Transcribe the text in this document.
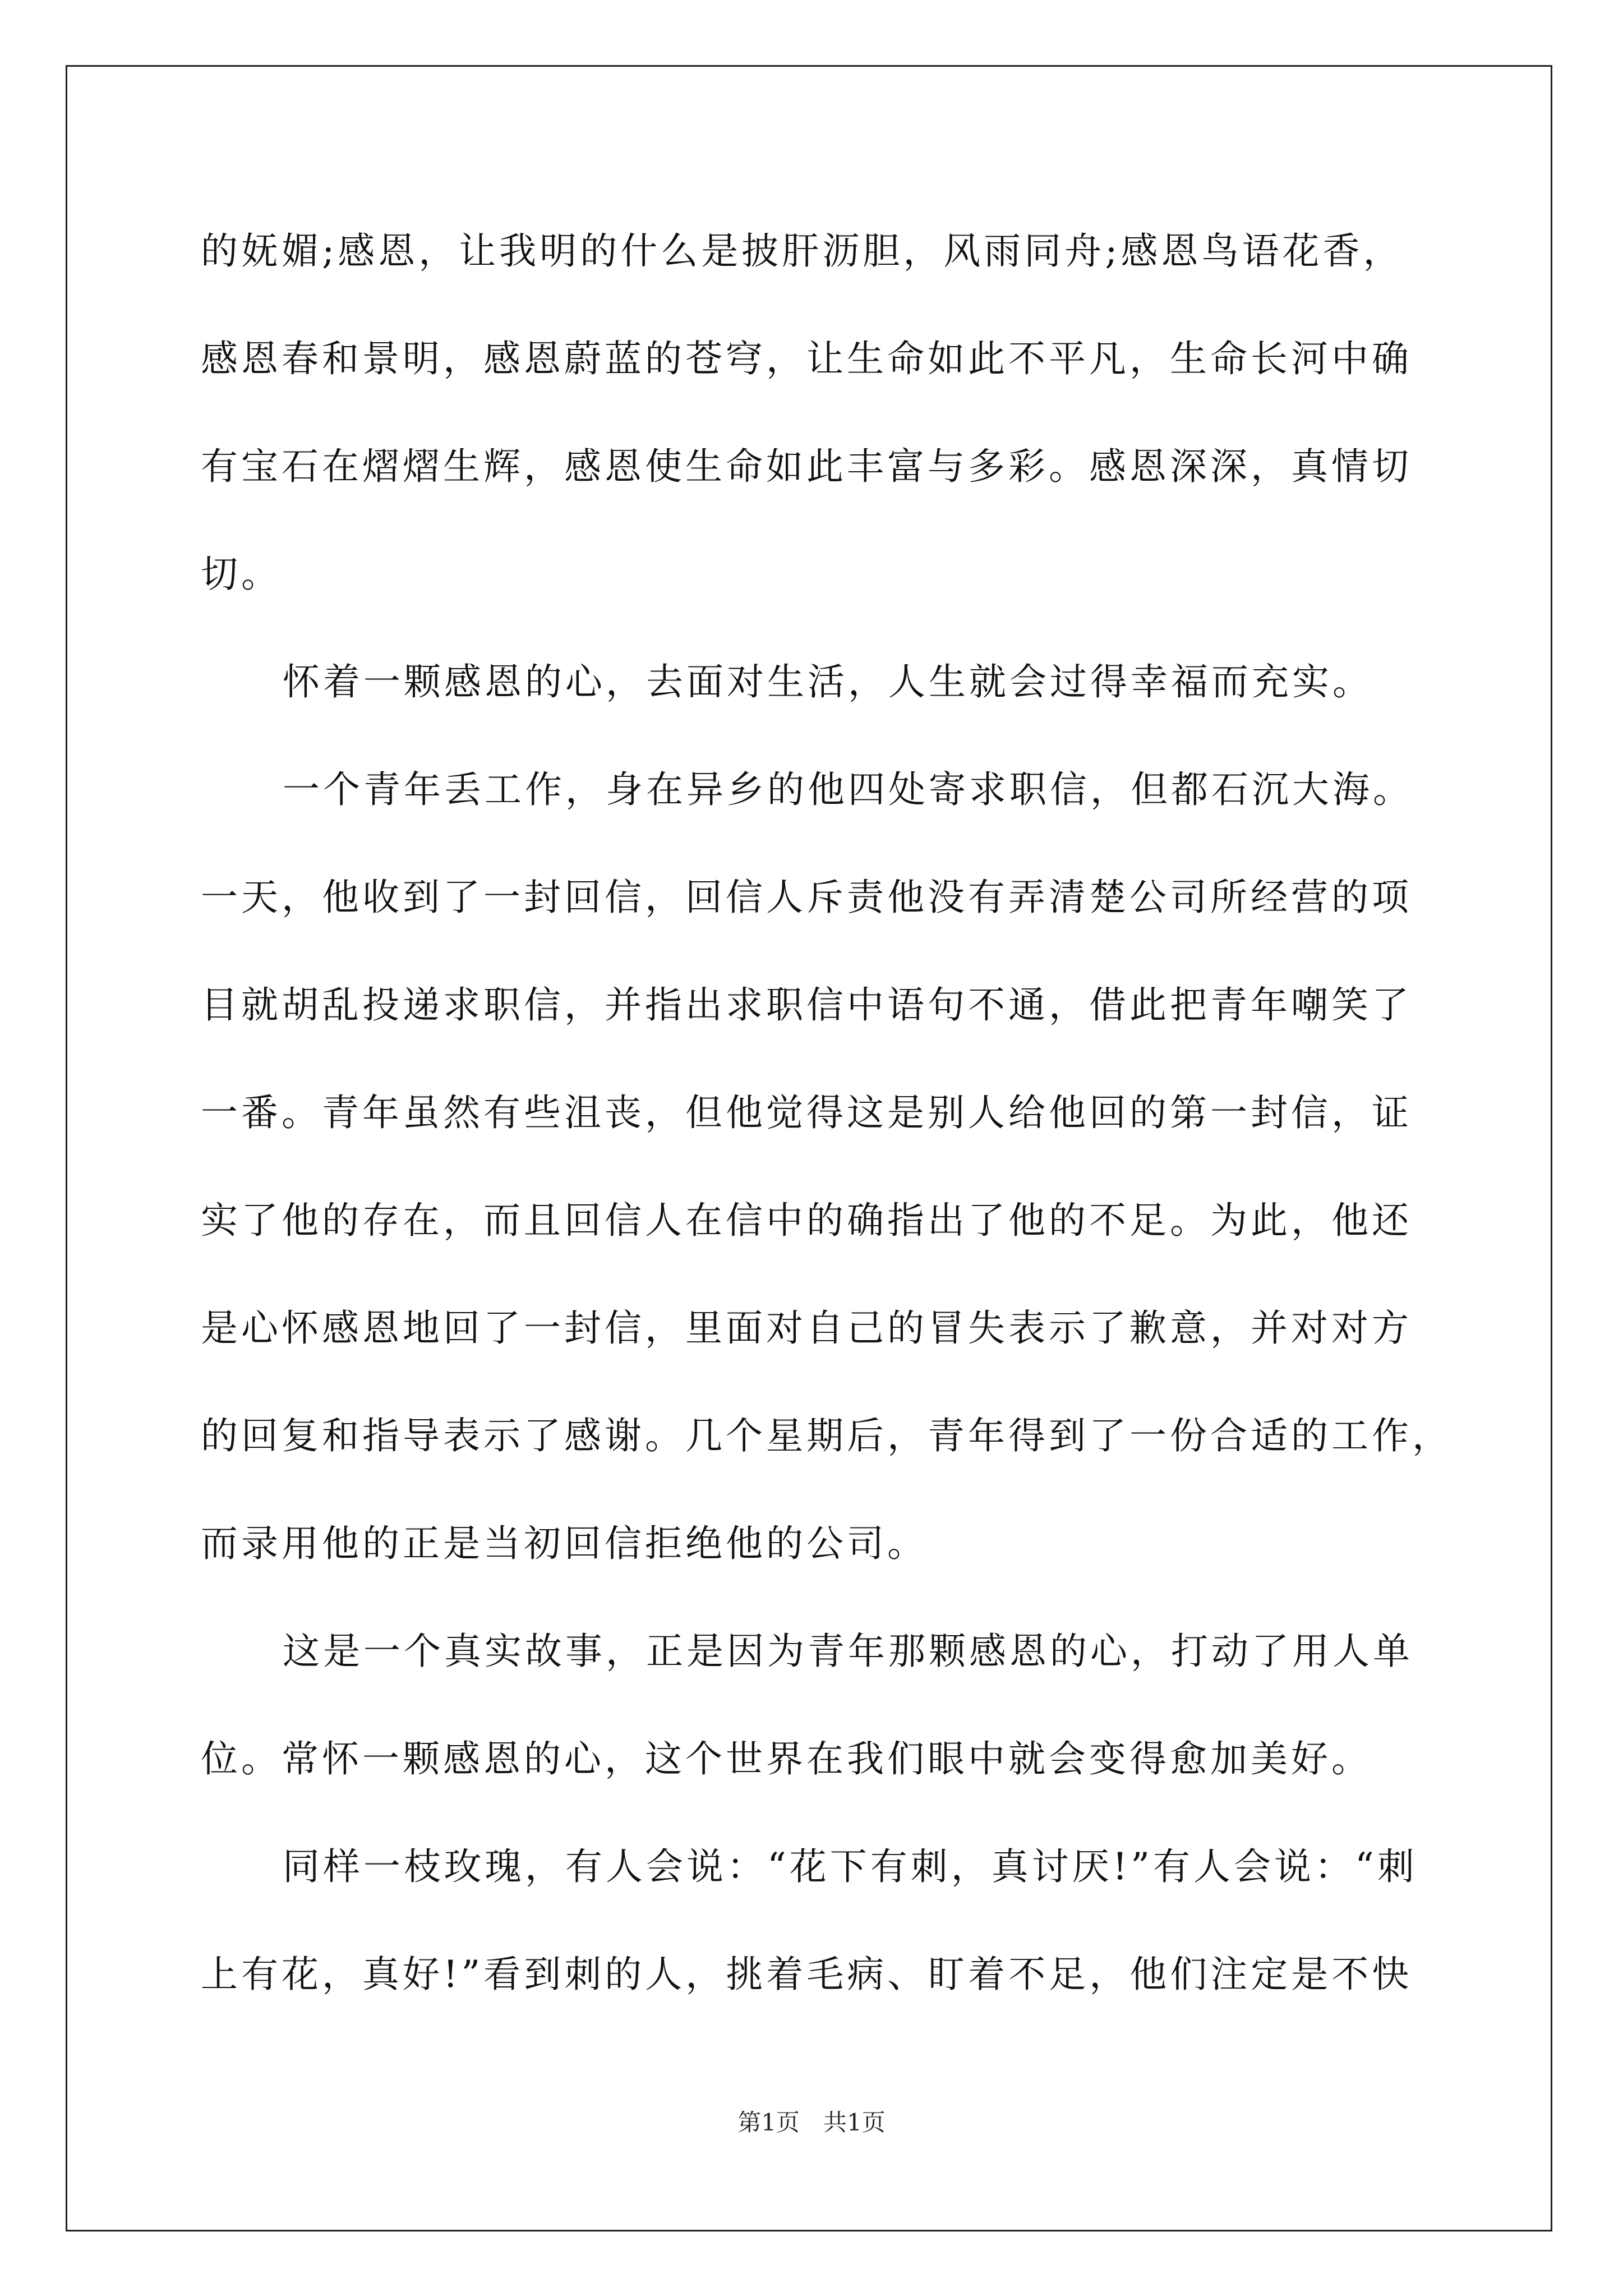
的妩媚;感恩，让我明的什么是披肝沥胆，风雨同舟;感恩鸟语花香，
感恩春和景明，感恩蔚蓝的苍穹，让生命如此不平凡，生命长河中确
有宝石在熠熠生辉，感恩使生命如此丰富与多彩。感恩深深，真情切
切。
怀着一颗感恩的心，去面对生活，人生就会过得幸福而充实。
一个青年丢工作，身在异乡的他四处寄求职信，但都石沉大海。
一天，他收到了一封回信，回信人斥责他没有弄清楚公司所经营的项
目就胡乱投递求职信，并指出求职信中语句不通，借此把青年嘲笑了
一番。青年虽然有些沮丧，但他觉得这是别人给他回的第一封信，证
实了他的存在，而且回信人在信中的确指出了他的不足。为此，他还
是心怀感恩地回了一封信，里面对自己的冒失表示了歉意，并对对方
的回复和指导表示了感谢。几个星期后，青年得到了一份合适的工作，
而录用他的正是当初回信拒绝他的公司。
这是一个真实故事，正是因为青年那颗感恩的心，打动了用人单
位。常怀一颗感恩的心，这个世界在我们眼中就会变得愈加美好。
同样一枝玫瑰，有人会说：“花下有刺，真讨厌!”有人会说：“刺
上有花，真好!”看到刺的人，挑着毛病、盯着不足，他们注定是不快
第1页　共1页
